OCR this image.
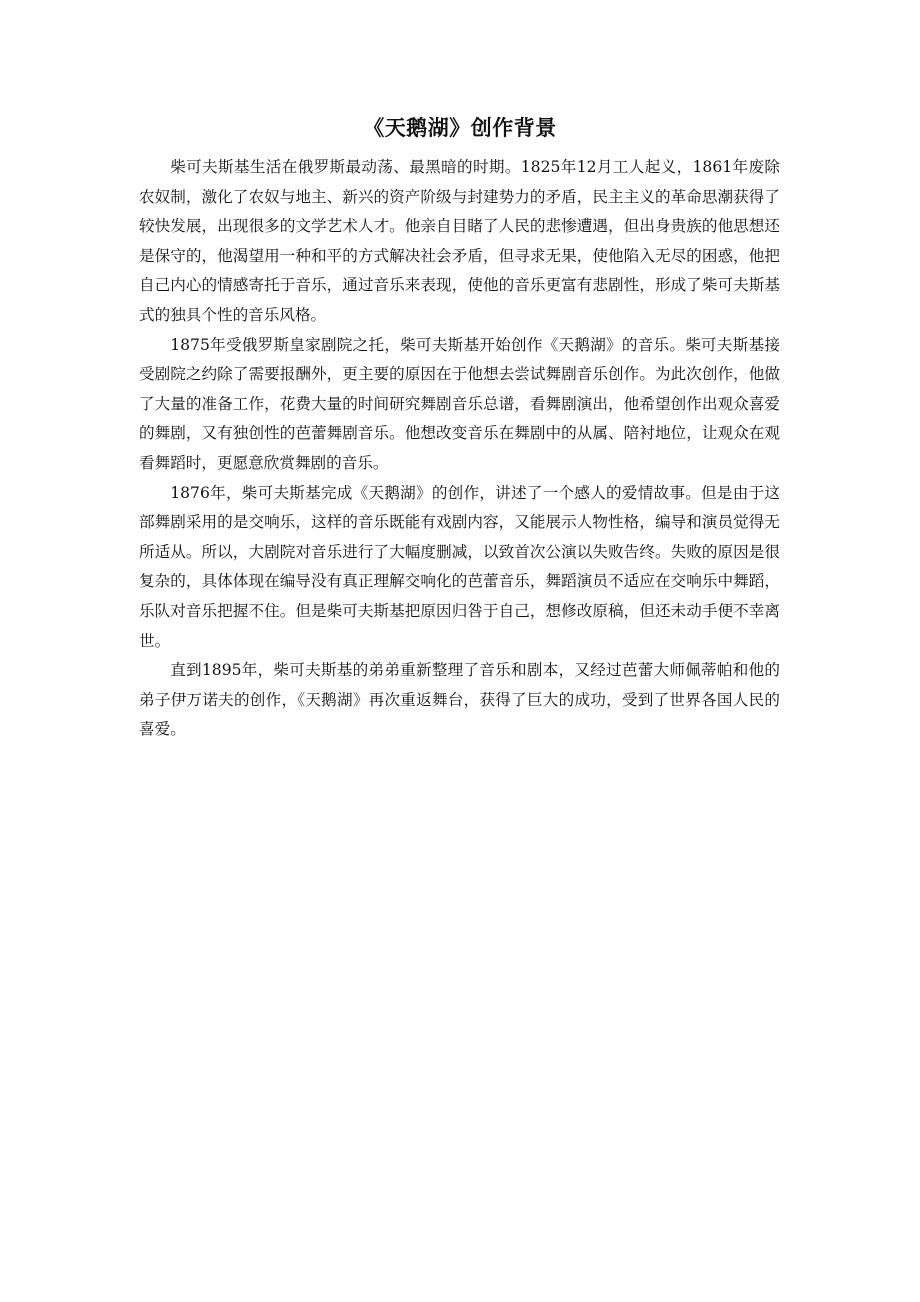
《天鹅湖》创作背景

柴可夫斯基生活在俄罗斯最动荡、最黑暗的时期。1825年12月工人起义，1861年废除农奴制，激化了农奴与地主、新兴的资产阶级与封建势力的矛盾，民主主义的革命思潮获得了较快发展，出现很多的文学艺术人才。他亲自目睹了人民的悲惨遭遇，但出身贵族的他思想还是保守的，他渴望用一种和平的方式解决社会矛盾，但寻求无果，使他陷入无尽的困惑，他把自己内心的情感寄托于音乐，通过音乐来表现，使他的音乐更富有悲剧性，形成了柴可夫斯基式的独具个性的音乐风格。

1875年受俄罗斯皇家剧院之托，柴可夫斯基开始创作《天鹅湖》的音乐。柴可夫斯基接受剧院之约除了需要报酬外，更主要的原因在于他想去尝试舞剧音乐创作。为此次创作，他做了大量的准备工作，花费大量的时间研究舞剧音乐总谱，看舞剧演出，他希望创作出观众喜爱的舞剧，又有独创性的芭蕾舞剧音乐。他想改变音乐在舞剧中的从属、陪衬地位，让观众在观看舞蹈时，更愿意欣赏舞剧的音乐。

1876年，柴可夫斯基完成《天鹅湖》的创作，讲述了一个感人的爱情故事。但是由于这部舞剧采用的是交响乐，这样的音乐既能有戏剧内容，又能展示人物性格，编导和演员觉得无所适从。所以，大剧院对音乐进行了大幅度删减，以致首次公演以失败告终。失败的原因是很复杂的，具体体现在编导没有真正理解交响化的芭蕾音乐，舞蹈演员不适应在交响乐中舞蹈，乐队对音乐把握不住。但是柴可夫斯基把原因归咎于自己，想修改原稿，但还未动手便不幸离世。

直到1895年，柴可夫斯基的弟弟重新整理了音乐和剧本，又经过芭蕾大师佩蒂帕和他的弟子伊万诺夫的创作，《天鹅湖》再次重返舞台，获得了巨大的成功，受到了世界各国人民的喜爱。
